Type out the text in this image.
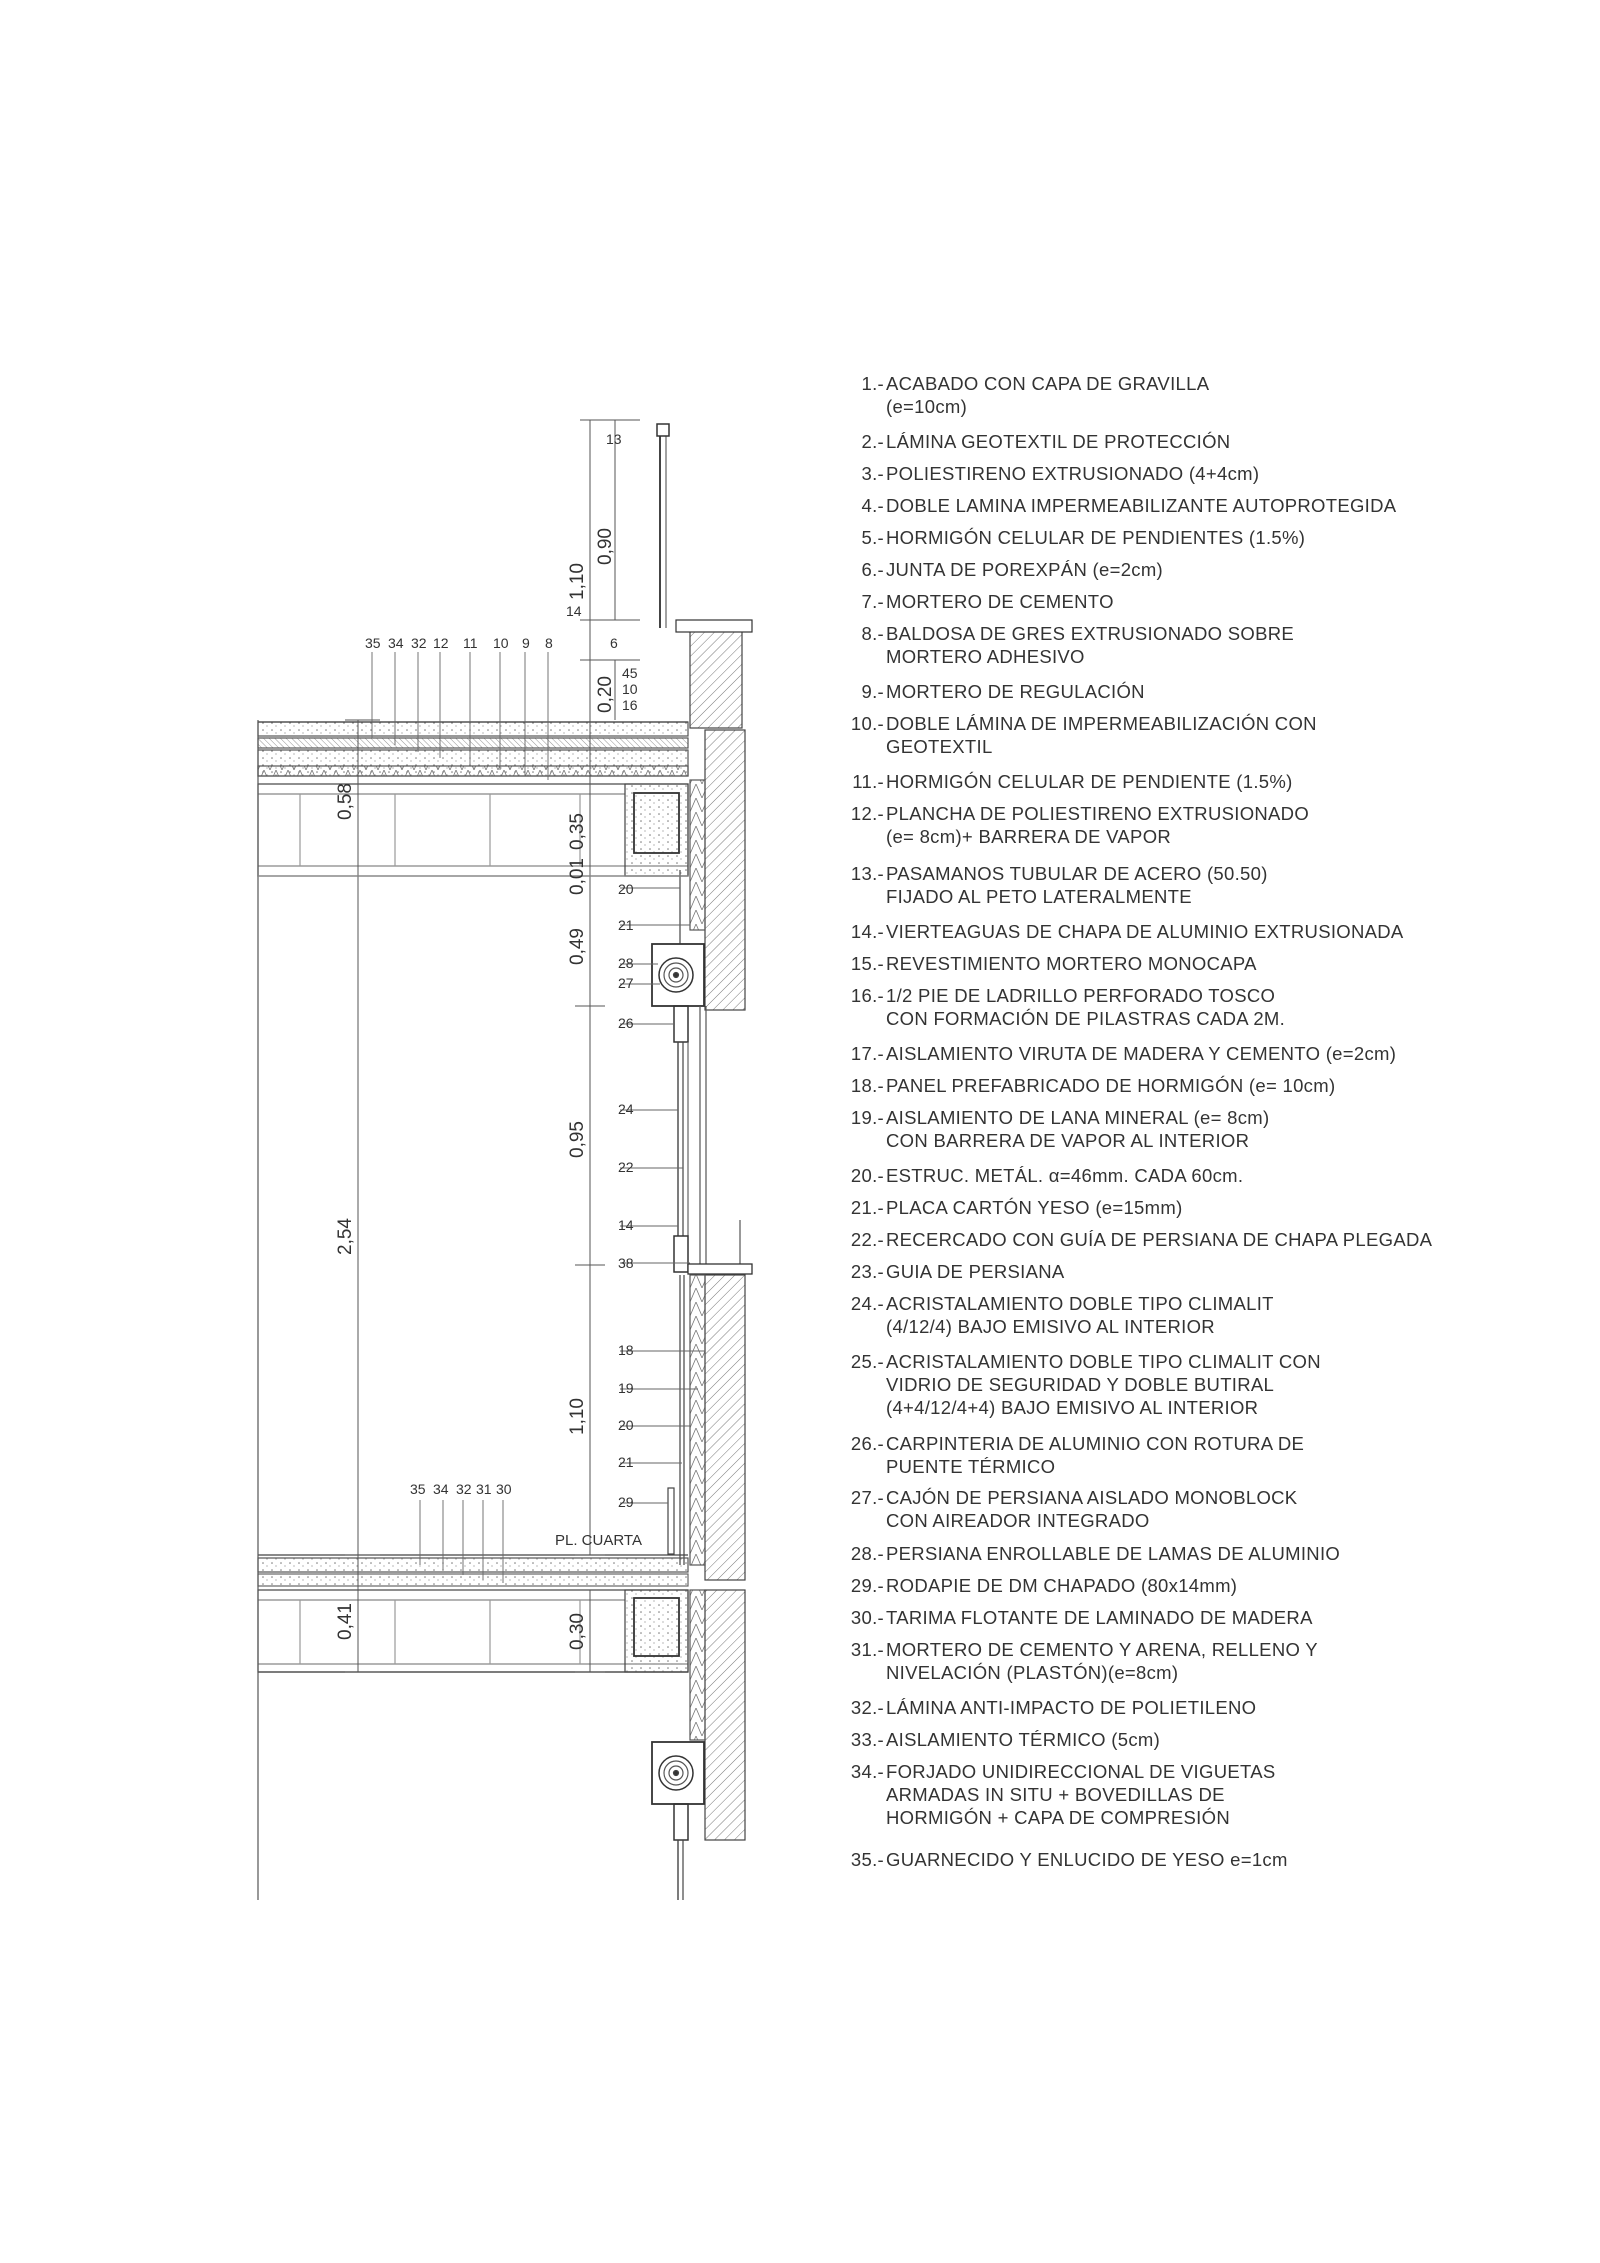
1,10
0,90
0,20
0,58
0,35
0,01
0,49
2,54
0,95
1,10
0,41	0,30
35 34 32 12 11 10 9 8
13
14
6
45
10
16
20
21
28
27
26
24
22
14
38
18
19
20
21
29
35 34 32 31 30
PL. CUARTA
1.- ACABADO CON CAPA DE GRAVILLA
(e=10cm)
2.- LÁMINA GEOTEXTIL DE PROTECCIÓN
3.- POLIESTIRENO EXTRUSIONADO (4+4cm)
4.- DOBLE LAMINA IMPERMEABILIZANTE AUTOPROTEGIDA
5.- HORMIGÓN CELULAR DE PENDIENTES (1.5%)
6.- JUNTA DE POREXPÁN (e=2cm)
7.- MORTERO DE CEMENTO
8.- BALDOSA DE GRES EXTRUSIONADO SOBRE
MORTERO ADHESIVO
9.- MORTERO DE REGULACIÓN
10.- DOBLE LÁMINA DE IMPERMEABILIZACIÓN CON
GEOTEXTIL
11.- HORMIGÓN CELULAR DE PENDIENTE (1.5%)
12.- PLANCHA DE POLIESTIRENO EXTRUSIONADO
(e= 8cm)+ BARRERA DE VAPOR
13.- PASAMANOS TUBULAR DE ACERO (50.50)
FIJADO AL PETO LATERALMENTE
14.- VIERTEAGUAS DE CHAPA DE ALUMINIO EXTRUSIONADA
15.- REVESTIMIENTO MORTERO MONOCAPA
16.- 1/2 PIE DE LADRILLO PERFORADO TOSCO
CON FORMACIÓN DE PILASTRAS CADA 2M.
17.- AISLAMIENTO VIRUTA DE MADERA Y CEMENTO (e=2cm)
18.- PANEL PREFABRICADO DE HORMIGÓN (e= 10cm)
19.- AISLAMIENTO DE LANA MINERAL (e= 8cm)
CON BARRERA DE VAPOR AL INTERIOR
20.- ESTRUC. METÁL. α=46mm. CADA 60cm.
21.- PLACA CARTÓN YESO (e=15mm)
22.- RECERCADO CON GUÍA DE PERSIANA DE CHAPA PLEGADA
23.- GUIA DE PERSIANA
24.- ACRISTALAMIENTO DOBLE TIPO CLIMALIT
(4/12/4) BAJO EMISIVO AL INTERIOR
25.- ACRISTALAMIENTO DOBLE TIPO CLIMALIT CON
VIDRIO DE SEGURIDAD Y DOBLE BUTIRAL
(4+4/12/4+4) BAJO EMISIVO AL INTERIOR
26.- CARPINTERIA DE ALUMINIO CON ROTURA DE
PUENTE TÉRMICO
27.- CAJÓN DE PERSIANA AISLADO MONOBLOCK
CON AIREADOR INTEGRADO
28.- PERSIANA ENROLLABLE DE LAMAS DE ALUMINIO
29.- RODAPIE DE DM CHAPADO (80x14mm)
30.- TARIMA FLOTANTE DE LAMINADO DE MADERA
31.- MORTERO DE CEMENTO Y ARENA, RELLENO Y
NIVELACIÓN (PLASTÓN)(e=8cm)
32.- LÁMINA ANTI-IMPACTO DE POLIETILENO
33.- AISLAMIENTO TÉRMICO (5cm)
34.- FORJADO UNIDIRECCIONAL DE VIGUETAS
ARMADAS IN SITU + BOVEDILLAS DE
HORMIGÓN + CAPA DE COMPRESIÓN
35.- GUARNECIDO Y ENLUCIDO DE YESO e=1cm
